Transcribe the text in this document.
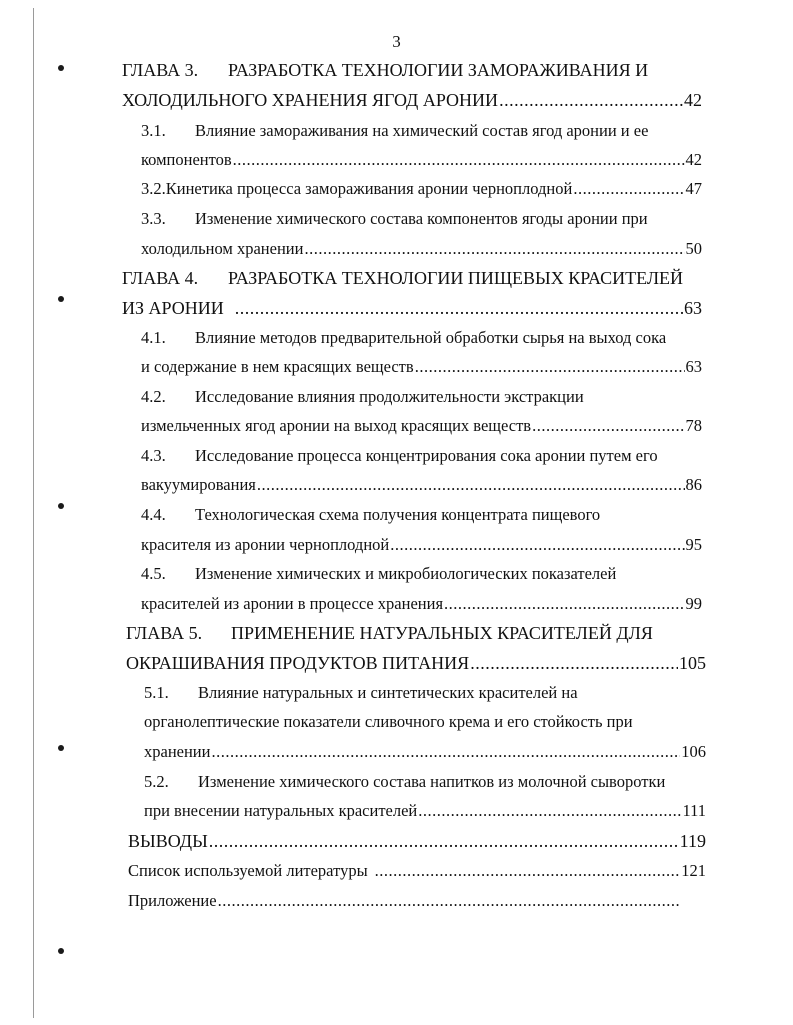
3
ГЛАВА 3.	РАЗРАБОТКА ТЕХНОЛОГИИ ЗАМОРАЖИВАНИЯ И
ХОЛОДИЛЬНОГО ХРАНЕНИЯ ЯГОД АРОНИИ .....	42
3.1.	Влияние замораживания на химический состав ягод аронии и ее
компонентов .....	42
3.2. Кинетика процесса замораживания аронии черноплодной .....	47
3.3.	Изменение химического состава компонентов ягоды аронии при
холодильном хранении .....	50
ГЛАВА 4.	РАЗРАБОТКА ТЕХНОЛОГИИ ПИЩЕВЫХ КРАСИТЕЛЕЙ
ИЗ АРОНИИ .....	63
4.1.	Влияние методов предварительной обработки сырья на выход сока
и содержание в нем красящих веществ .....	63
4.2.	Исследование влияния продолжительности экстракции
измельченных ягод аронии на выход красящих веществ .....	78
4.3.	Исследование процесса концентрирования сока аронии путем его
вакуумирования .....	86
4.4.	Технологическая схема получения концентрата пищевого
красителя из аронии черноплодной .....	95
4.5.	Изменение химических и микробиологических показателей
красителей из аронии в процессе хранения .....	99
ГЛАВА 5.	ПРИМЕНЕНИЕ НАТУРАЛЬНЫХ КРАСИТЕЛЕЙ ДЛЯ
ОКРАШИВАНИЯ ПРОДУКТОВ ПИТАНИЯ .....	105
5.1.	Влияние натуральных и синтетических красителей на
органолептические показатели сливочного крема и его стойкость при
хранении .....	106
5.2.	Изменение химического состава напитков из молочной сыворотки
при внесении натуральных красителей .....	111
ВЫВОДЫ .....	119
Список используемой литературы .....	121
Приложение
.....
